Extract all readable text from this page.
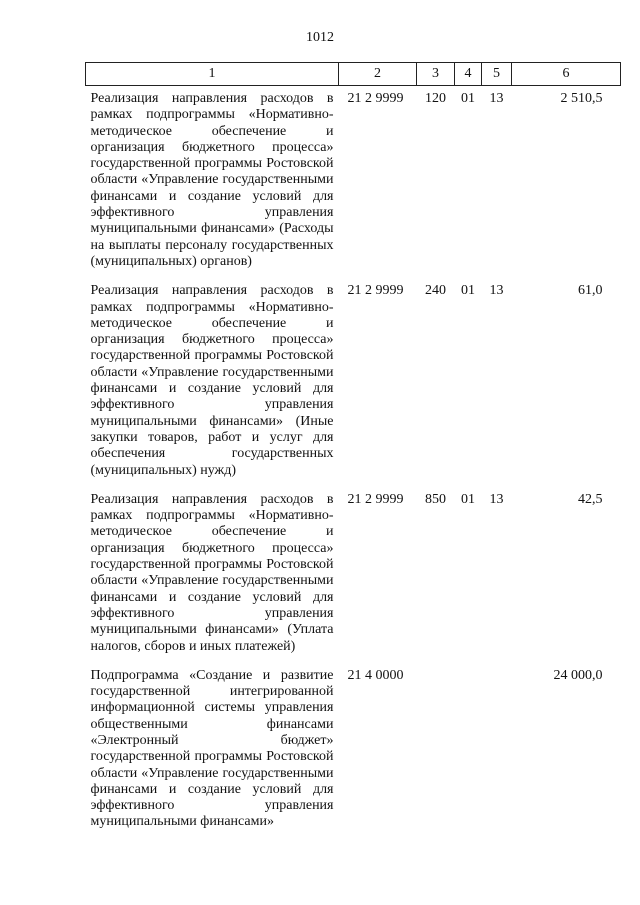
1012
1	2	3	4	5	6
Реализация направления расходов в рамках подпрограммы «Нормативно-методическое обеспечение и организация бюджетного процесса» государственной программы Ростовской области «Управление государственными финансами и создание условий для эффективного управления муниципальными финансами» (Расходы на выплаты персоналу государственных (муниципальных) органов)	21 2 9999	120	01	13	2 510,5
Реализация направления расходов в рамках подпрограммы «Нормативно-методическое обеспечение и организация бюджетного процесса» государственной программы Ростовской области «Управление государственными финансами и создание условий для эффективного управления муниципальными финансами» (Иные закупки товаров, работ и услуг для обеспечения государственных (муниципальных) нужд)	21 2 9999	240	01	13	61,0
Реализация направления расходов в рамках подпрограммы «Нормативно-методическое обеспечение и организация бюджетного процесса» государственной программы Ростовской области «Управление государственными финансами и создание условий для эффективного управления муниципальными финансами» (Уплата налогов, сборов и иных платежей)	21 2 9999	850	01	13	42,5
Подпрограмма «Создание и развитие государственной интегрированной информационной системы управления общественными финансами «Электронный бюджет» государственной программы Ростовской области «Управление государственными финансами и создание условий для эффективного управления муниципальными финансами»	21 4 0000				24 000,0
